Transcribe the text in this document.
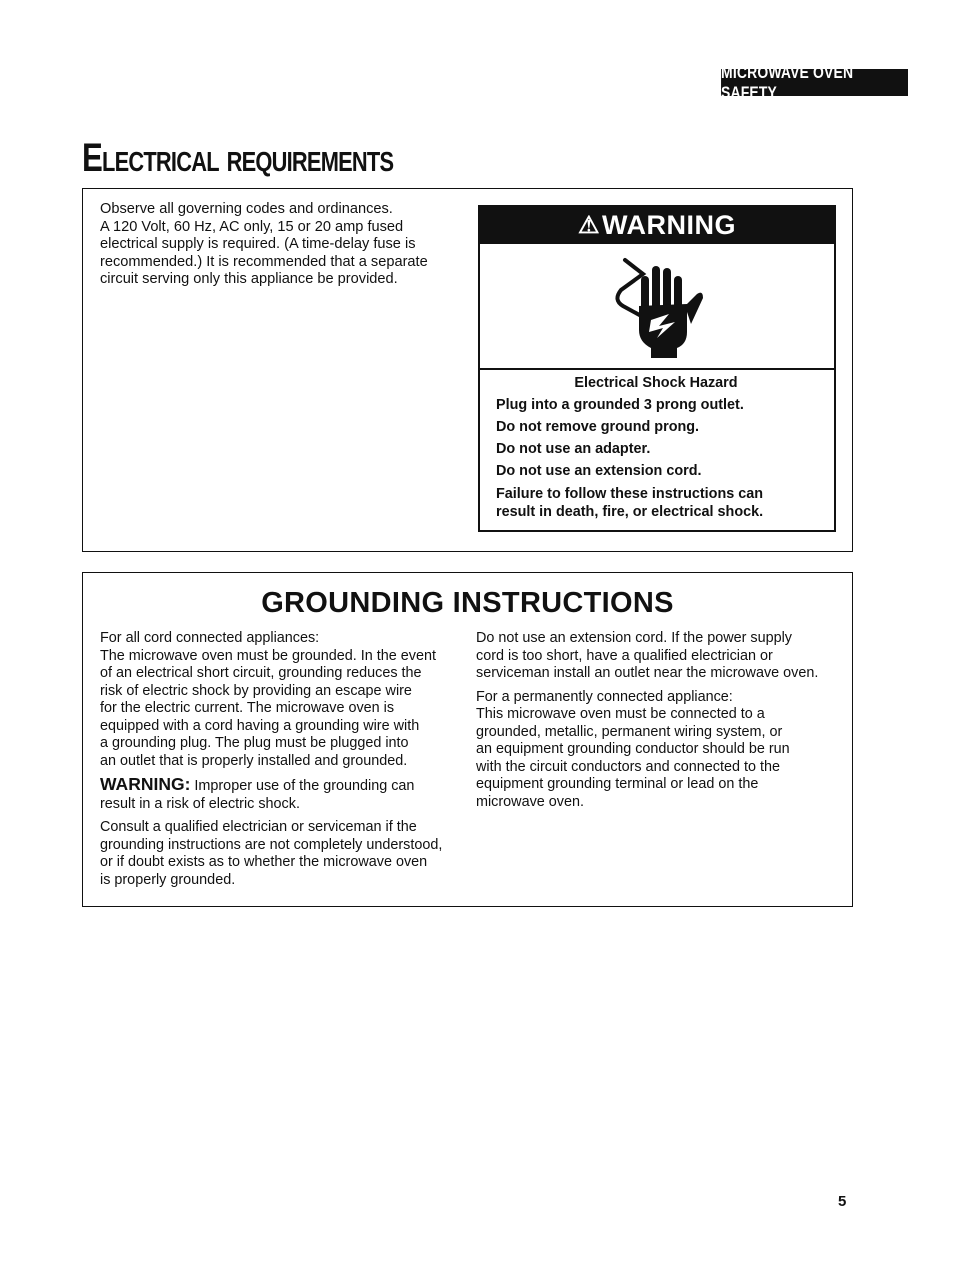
MICROWAVE OVEN SAFETY
Electrical requirements
Observe all governing codes and ordinances.
A 120 Volt, 60 Hz, AC only, 15 or 20 amp fused
electrical supply is required. (A time-delay fuse is
recommended.) It is recommended that a separate
circuit serving only this appliance be provided.
⚠ WARNING
Electrical Shock Hazard

Plug into a grounded 3 prong outlet.

Do not remove ground prong.

Do not use an adapter.

Do not use an extension cord.

Failure to follow these instructions can
result in death, fire, or electrical shock.

GROUNDING INSTRUCTIONS

For all cord connected appliances:
The microwave oven must be grounded. In the event
of an electrical short circuit, grounding reduces the
risk of electric shock by providing an escape wire
for the electric current. The microwave oven is
equipped with a cord having a grounding wire with
a grounding plug. The plug must be plugged into
an outlet that is properly installed and grounded.

WARNING: Improper use of the grounding can
result in a risk of electric shock.

Consult a qualified electrician or serviceman if the
grounding instructions are not completely understood,
or if doubt exists as to whether the microwave oven
is properly grounded.

Do not use an extension cord. If the power supply
cord is too short, have a qualified electrician or
serviceman install an outlet near the microwave oven.

For a permanently connected appliance:
This microwave oven must be connected to a
grounded, metallic, permanent wiring system, or
an equipment grounding conductor should be run
with the circuit conductors and connected to the
equipment grounding terminal or lead on the
microwave oven.

5
